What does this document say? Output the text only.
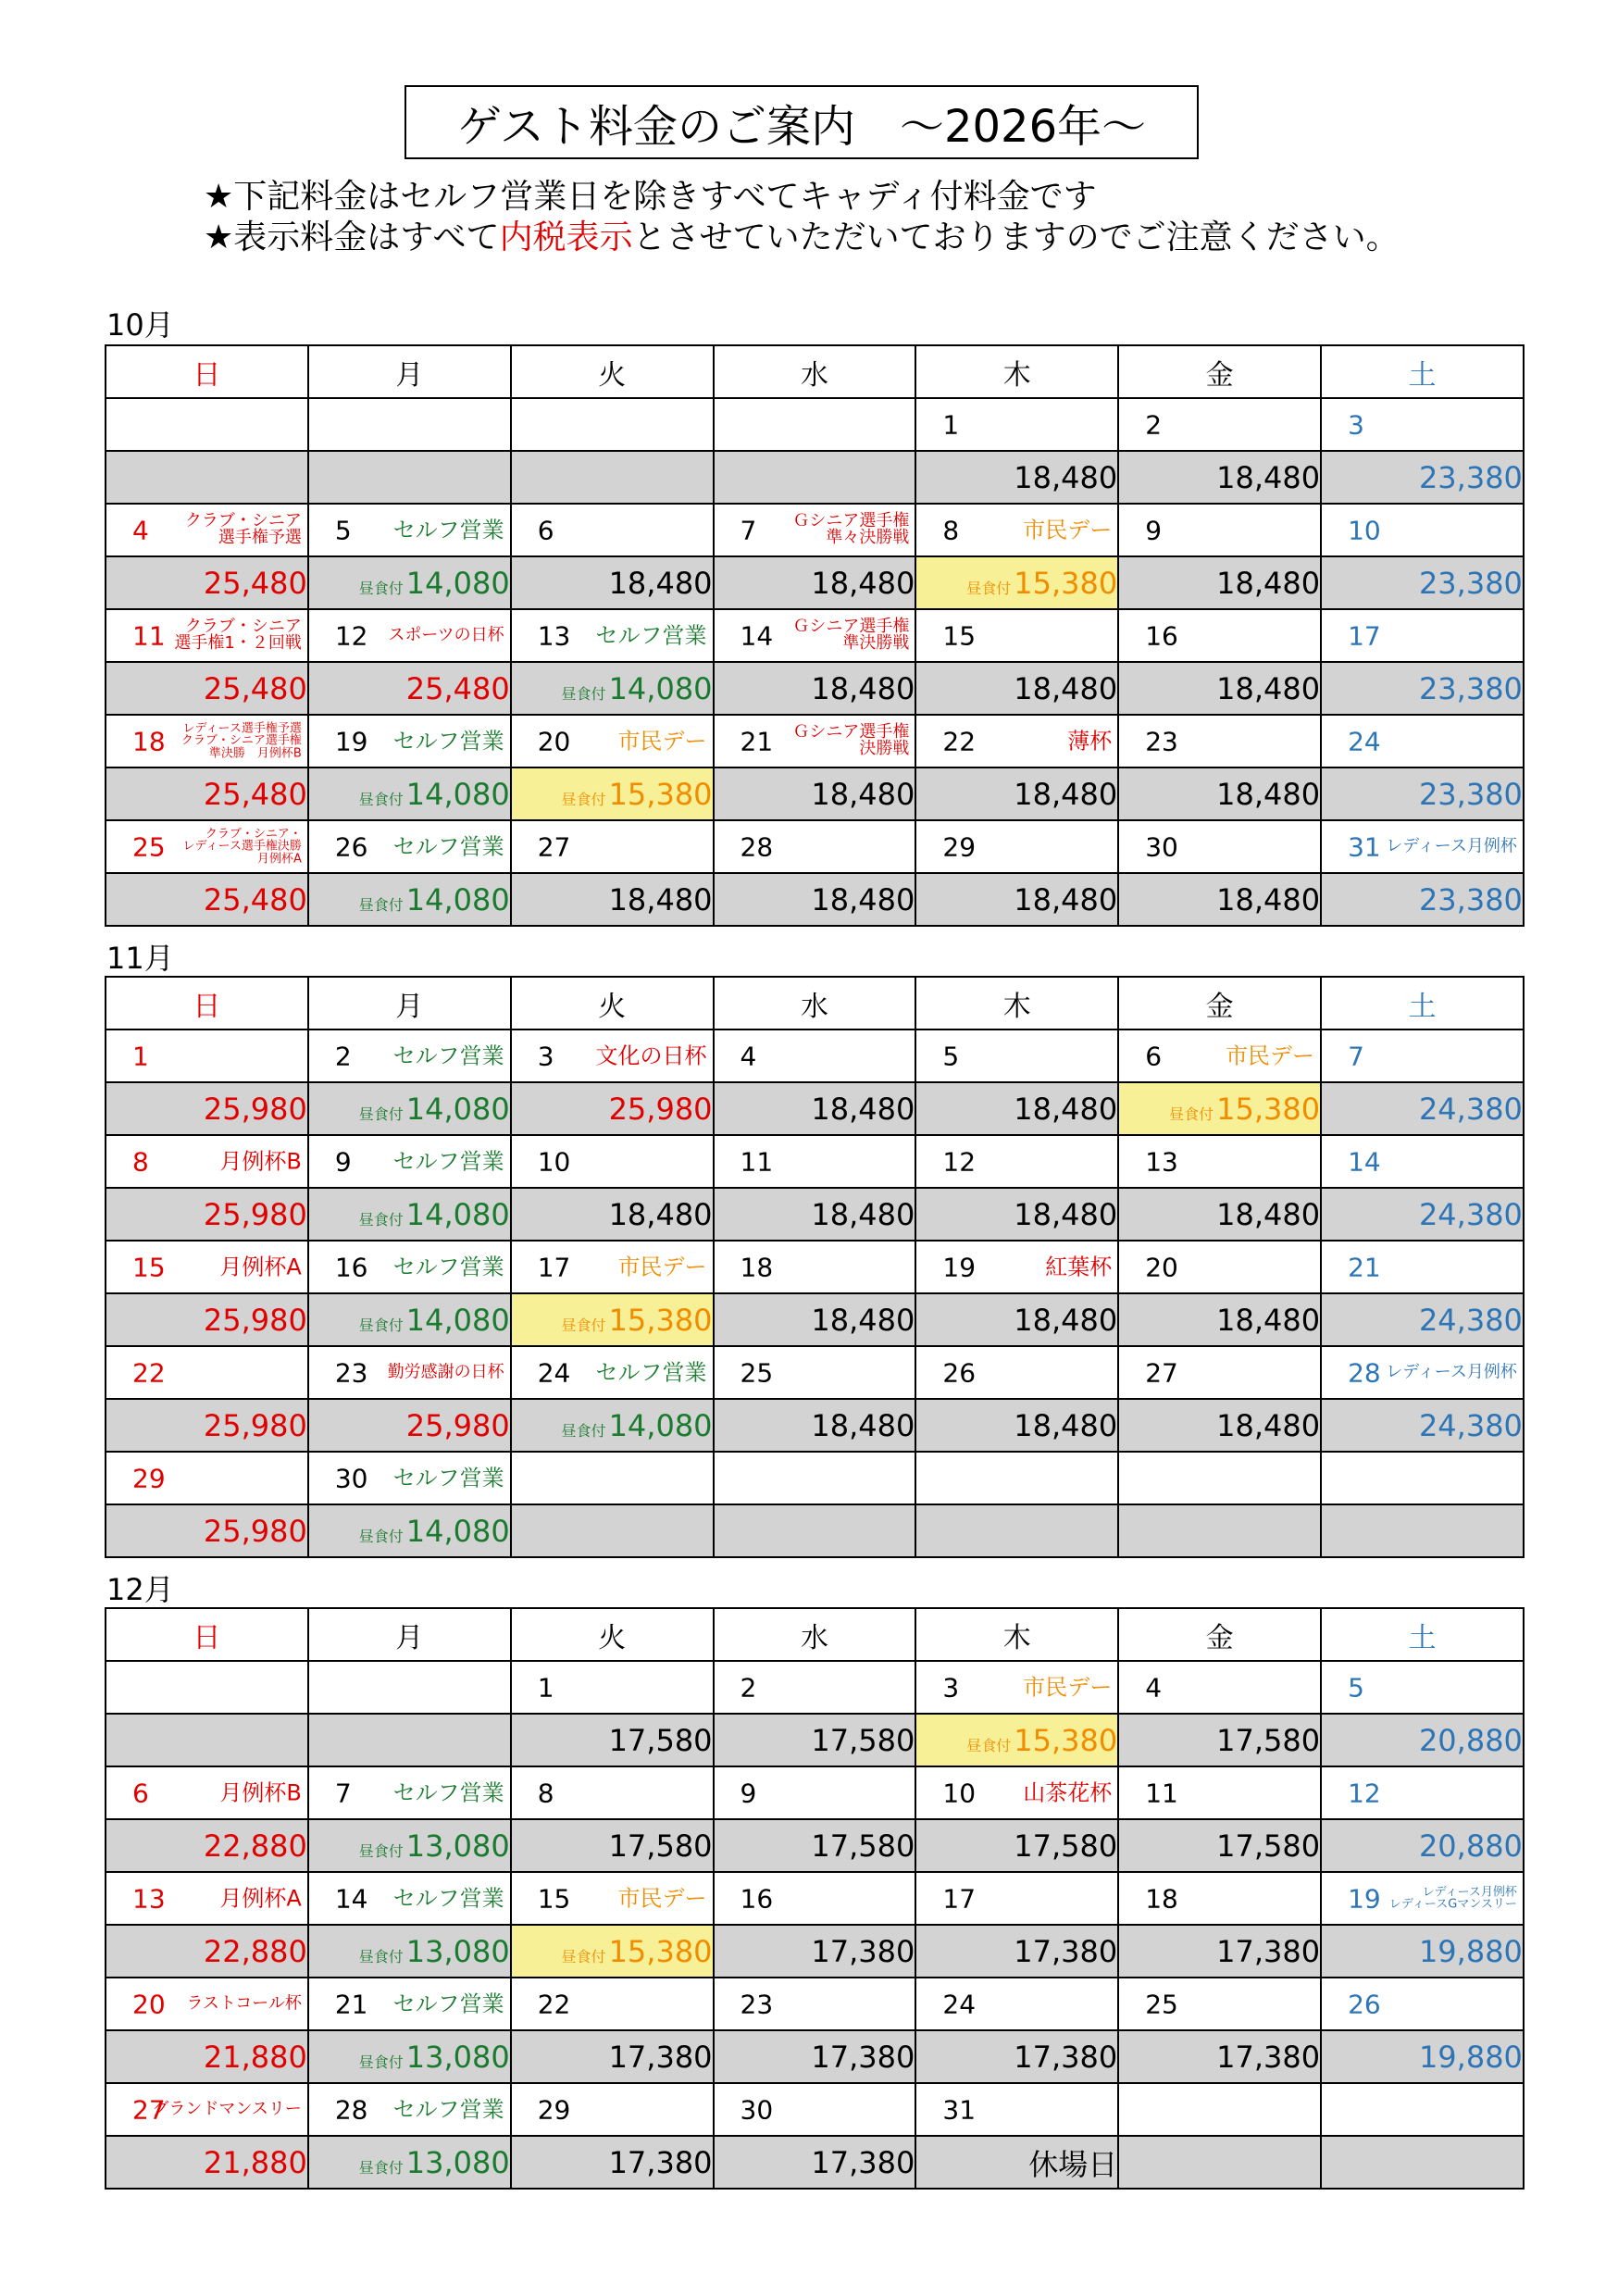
ゲスト料金のご案内　～2026年～
★下記料金はセルフ営業日を除きすべてキャディ付料金です
★表示料金はすべて内税表示とさせていただいておりますのでご注意ください。
10月
日	月	火	水	木	金	土

				1	2	3

				18,480	18,480	23,380

4 クラブ・シニア
選手権予選	5 セルフ営業	6	7 Ｇシニア選手権
準々決勝戦	8 市民デー	9	10

25,480	昼食付14,080	18,480	18,480	昼食付15,380	18,480	23,380

11 クラブ・シニア
選手権1・２回戦	12 スポーツの日杯	13 セルフ営業	14 Ｇシニア選手権
準決勝戦	15	16	17

25,480	25,480	昼食付14,080	18,480	18,480	18,480	23,380

18 レディース選手権予選
クラブ・シニア選手権
準決勝　月例杯B	19 セルフ営業	20 市民デー	21 Ｇシニア選手権
決勝戦	22 薄杯	23	24

25,480	昼食付14,080	昼食付15,380	18,480	18,480	18,480	23,380

25 クラブ・シニア・
レディース選手権決勝
月例杯A	26 セルフ営業	27	28	29	30	31 レディース月例杯

25,480	昼食付14,080	18,480	18,480	18,480	18,480	23,380
11月
日	月	火	水	木	金	土

1	2 セルフ営業	3 文化の日杯	4	5	6 市民デー	7

25,980	昼食付14,080	25,980	18,480	18,480	昼食付15,380	24,380

8 月例杯B	9 セルフ営業	10	11	12	13	14

25,980	昼食付14,080	18,480	18,480	18,480	18,480	24,380

15 月例杯A	16 セルフ営業	17 市民デー	18	19 紅葉杯	20	21

25,980	昼食付14,080	昼食付15,380	18,480	18,480	18,480	24,380

22	23 勤労感謝の日杯	24 セルフ営業	25	26	27	28 レディース月例杯

25,980	25,980	昼食付14,080	18,480	18,480	18,480	24,380

29	30 セルフ営業					

25,980	昼食付14,080					
12月
日	月	火	水	木	金	土

		1	2	3 市民デー	4	5

		17,580	17,580	昼食付15,380	17,580	20,880

6 月例杯B	7 セルフ営業	8	9	10 山茶花杯	11	12

22,880	昼食付13,080	17,580	17,580	17,580	17,580	20,880

13 月例杯A	14 セルフ営業	15 市民デー	16	17	18	19 レディース月例杯
レディースGマンスリー

22,880	昼食付13,080	昼食付15,380	17,380	17,380	17,380	19,880

20 ラストコール杯	21 セルフ営業	22	23	24	25	26

21,880	昼食付13,080	17,380	17,380	17,380	17,380	19,880

27
グランドマンスリー	28 セルフ営業	29	30	31		

21,880	昼食付13,080	17,380	17,380	休場日		
